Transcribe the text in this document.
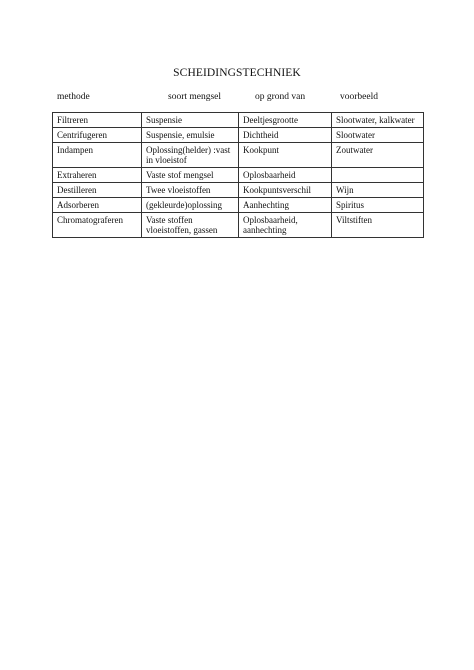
SCHEIDINGSTECHNIEK
methode	soort mengsel	op grond van	voorbeeld
Filtreren	Suspensie	Deeltjesgrootte	Slootwater, kalkwater
Centrifugeren	Suspensie, emulsie	Dichtheid	Slootwater
Indampen	Oplossing(helder) :vast in vloeistof	Kookpunt	Zoutwater
Extraheren	Vaste stof mengsel	Oplosbaarheid	
Destilleren	Twee vloeistoffen	Kookpuntsverschil	Wijn
Adsorberen	(gekleurde)oplossing	Aanhechting	Spiritus
Chromatograferen	Vaste stoffen vloeistoffen, gassen	Oplosbaarheid, aanhechting	Viltstiften
